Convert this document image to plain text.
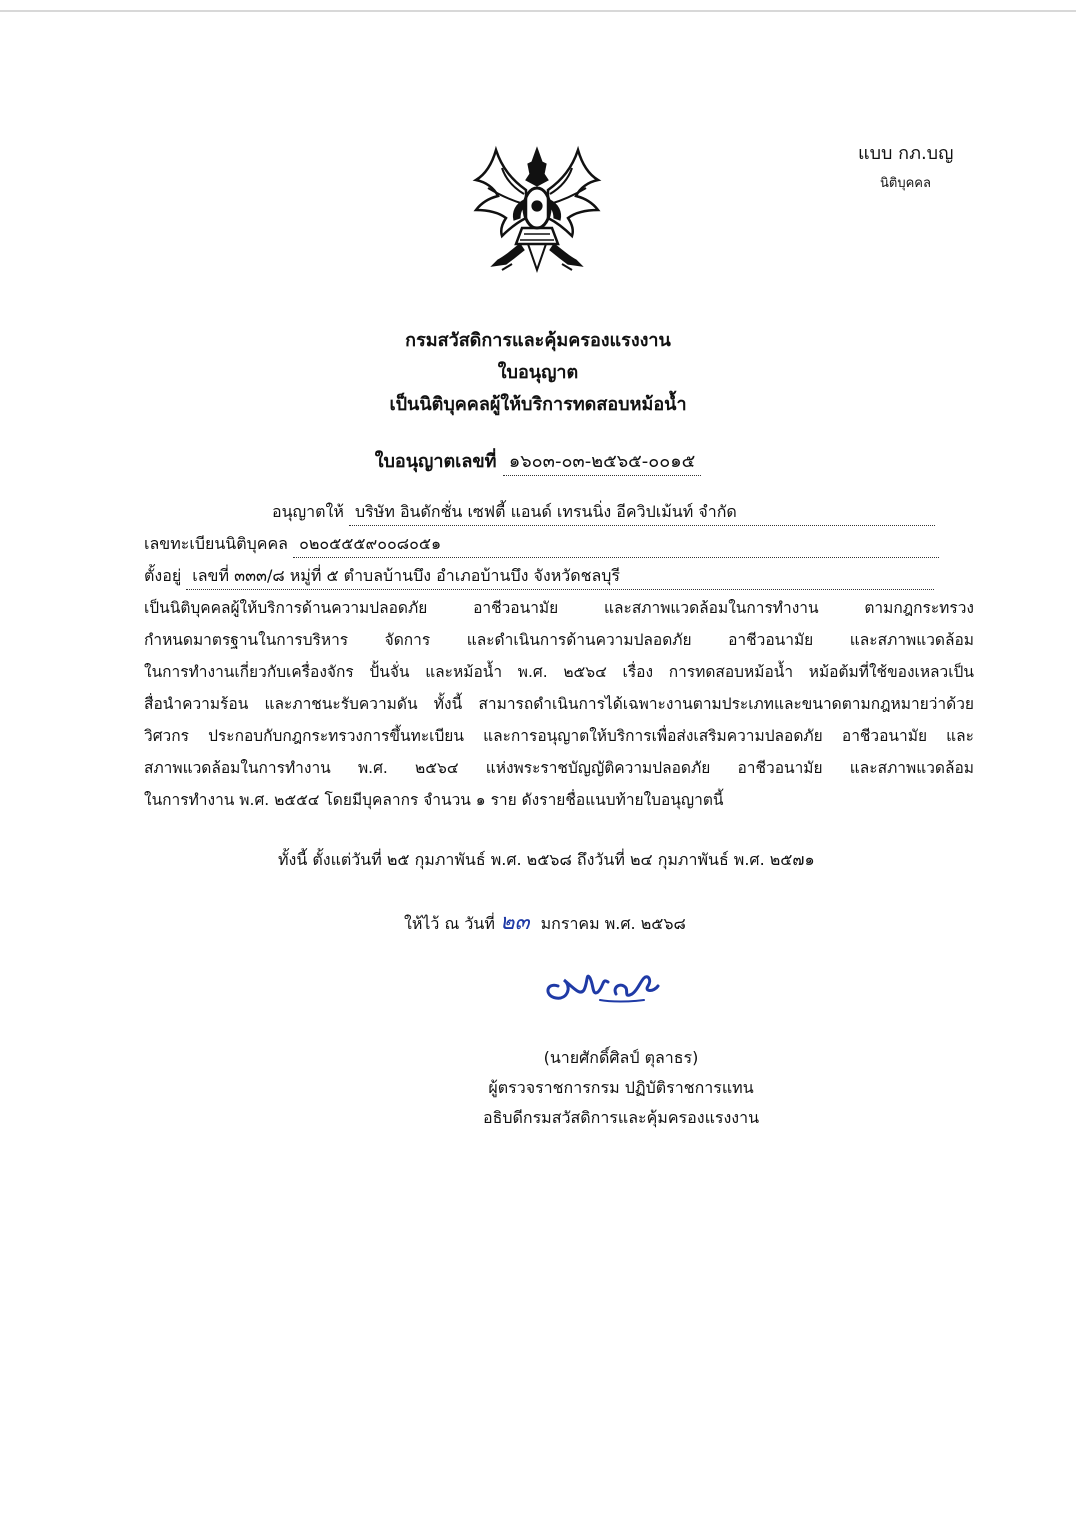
แบบ กภ.บญ
นิติบุคคล
กรมสวัสดิการและคุ้มครองแรงงาน
ใบอนุญาต
เป็นนิติบุคคลผู้ให้บริการทดสอบหม้อน้ำ
ใบอนุญาตเลขที่ ๑๖๐๓-๐๓-๒๕๖๕-๐๐๑๕
อนุญาตให้ บริษัท อินดักชั่น เซฟตี้ แอนด์ เทรนนิ่ง อีควิปเม้นท์ จำกัด
เลขทะเบียนนิติบุคคล ๐๒๐๕๕๕๙๐๐๘๐๕๑
ตั้งอยู่ เลขที่ ๓๓๓/๘ หมู่ที่ ๕ ตำบลบ้านบึง อำเภอบ้านบึง จังหวัดชลบุรี
เป็นนิติบุคคลผู้ให้บริการด้านความปลอดภัย อาชีวอนามัย และสภาพแวดล้อมในการทำงาน ตามกฎกระทรวง
กำหนดมาตรฐานในการบริหาร จัดการ และดำเนินการด้านความปลอดภัย อาชีวอนามัย และสภาพแวดล้อม
ในการทำงานเกี่ยวกับเครื่องจักร ปั้นจั่น และหม้อน้ำ พ.ศ. ๒๕๖๔ เรื่อง การทดสอบหม้อน้ำ หม้อต้มที่ใช้ของเหลวเป็น
สื่อนำความร้อน และภาชนะรับความดัน ทั้งนี้ สามารถดำเนินการได้เฉพาะงานตามประเภทและขนาดตามกฎหมายว่าด้วย
วิศวกร ประกอบกับกฎกระทรวงการขึ้นทะเบียน และการอนุญาตให้บริการเพื่อส่งเสริมความปลอดภัย อาชีวอนามัย และ
สภาพแวดล้อมในการทำงาน พ.ศ. ๒๕๖๔ แห่งพระราชบัญญัติความปลอดภัย อาชีวอนามัย และสภาพแวดล้อม
ในการทำงาน พ.ศ. ๒๕๕๔ โดยมีบุคลากร จำนวน ๑ ราย ดังรายชื่อแนบท้ายใบอนุญาตนี้
ทั้งนี้ ตั้งแต่วันที่ ๒๕ กุมภาพันธ์ พ.ศ. ๒๕๖๘ ถึงวันที่ ๒๔ กุมภาพันธ์ พ.ศ. ๒๕๗๑
ให้ไว้ ณ วันที่ ๒๓ มกราคม พ.ศ. ๒๕๖๘
(นายศักดิ์ศิลป์ ตุลาธร)
ผู้ตรวจราชการกรม ปฏิบัติราชการแทน
อธิบดีกรมสวัสดิการและคุ้มครองแรงงาน
